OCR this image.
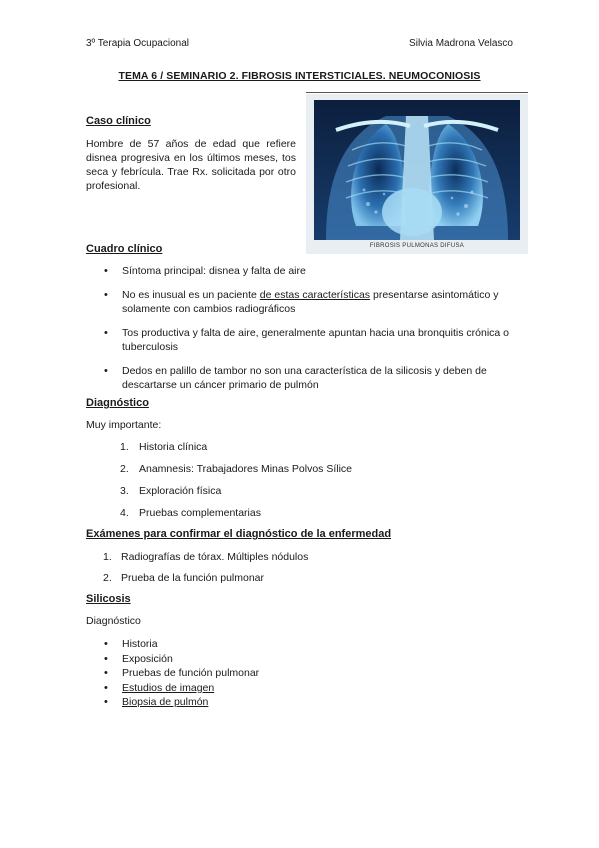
3º Terapia Ocupacional	Silvia Madrona Velasco
TEMA 6 / SEMINARIO 2. FIBROSIS INTERSTICIALES. NEUMOCONIOSIS
FIBROSIS PULMONAS DIFUSA
Caso clínico
Hombre de 57 años de edad que refiere disnea progresiva en los últimos meses, tos seca y febrícula. Trae Rx. solicitada por otro profesional.
Cuadro clínico
• Síntoma principal: disnea y falta de aire
• No es inusual es un paciente de estas características presentarse asintomático y solamente con cambios radiográficos
• Tos productiva y falta de aire, generalmente apuntan hacia una bronquitis crónica o tuberculosis
• Dedos en palillo de tambor no son una característica de la silicosis y deben de descartarse un cáncer primario de pulmón
Diagnóstico
Muy importante:
1. Historia clínica
2. Anamnesis: Trabajadores Minas Polvos Sílice
3. Exploración física
4. Pruebas complementarias
Exámenes para confirmar el diagnóstico de la enfermedad
1. Radiografías de tórax. Múltiples nódulos
2. Prueba de la función pulmonar
Silicosis
Diagnóstico
• Historia
• Exposición
• Pruebas de función pulmonar
• Estudios de imagen
• Biopsia de pulmón
